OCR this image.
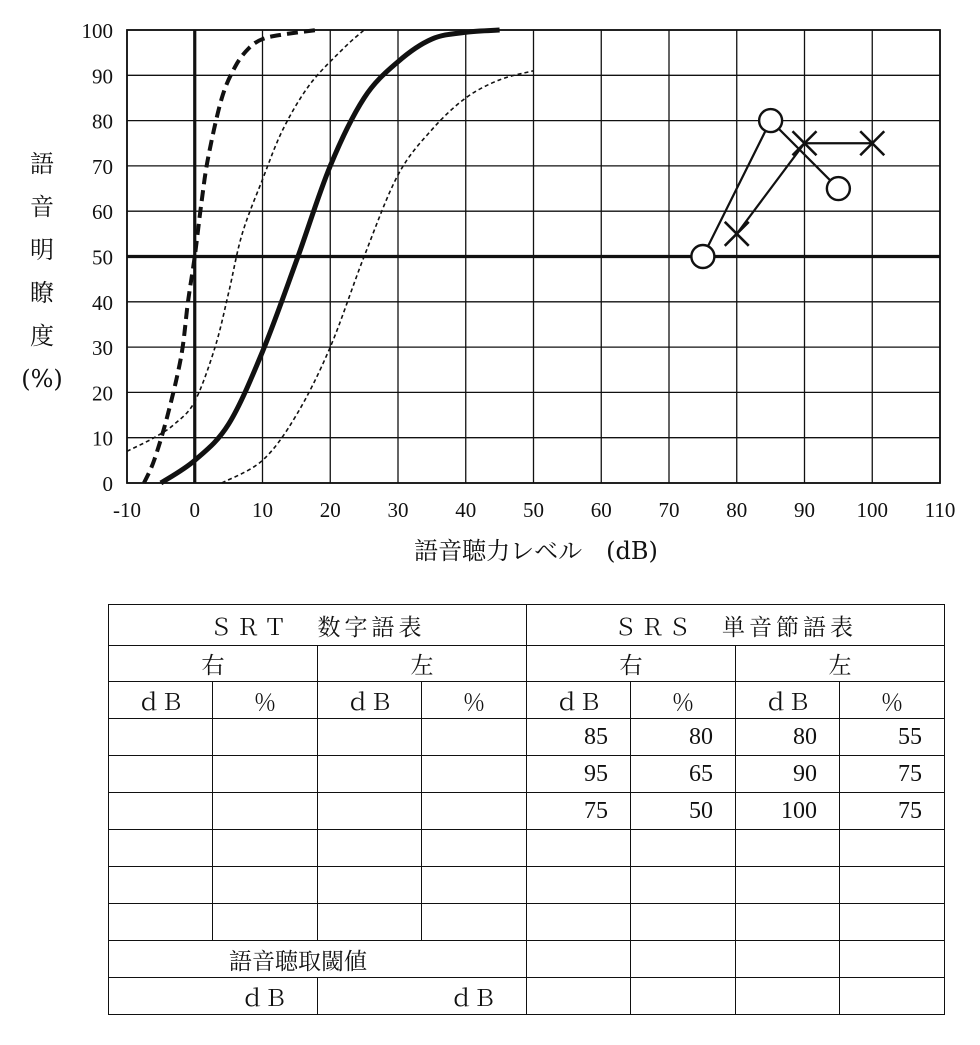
-10 0 10 20 30 40 50 60 70 80 90 100 110
0
10
20
30
40
50
60
70
80
90
100
語音聴力レベル　(dB)
語
音
明
瞭
度
(%)
ＳＲＴ　数字語表				ＳＲＳ　単音節語表			
右		左		右		左	
ｄＢ	％	ｄＢ	％	ｄＢ	％	ｄＢ	％
				85	80	80	55
				95	65	90	75
				75	50	100	75

語音聴取閾値							
ｄＢ		ｄＢ					
